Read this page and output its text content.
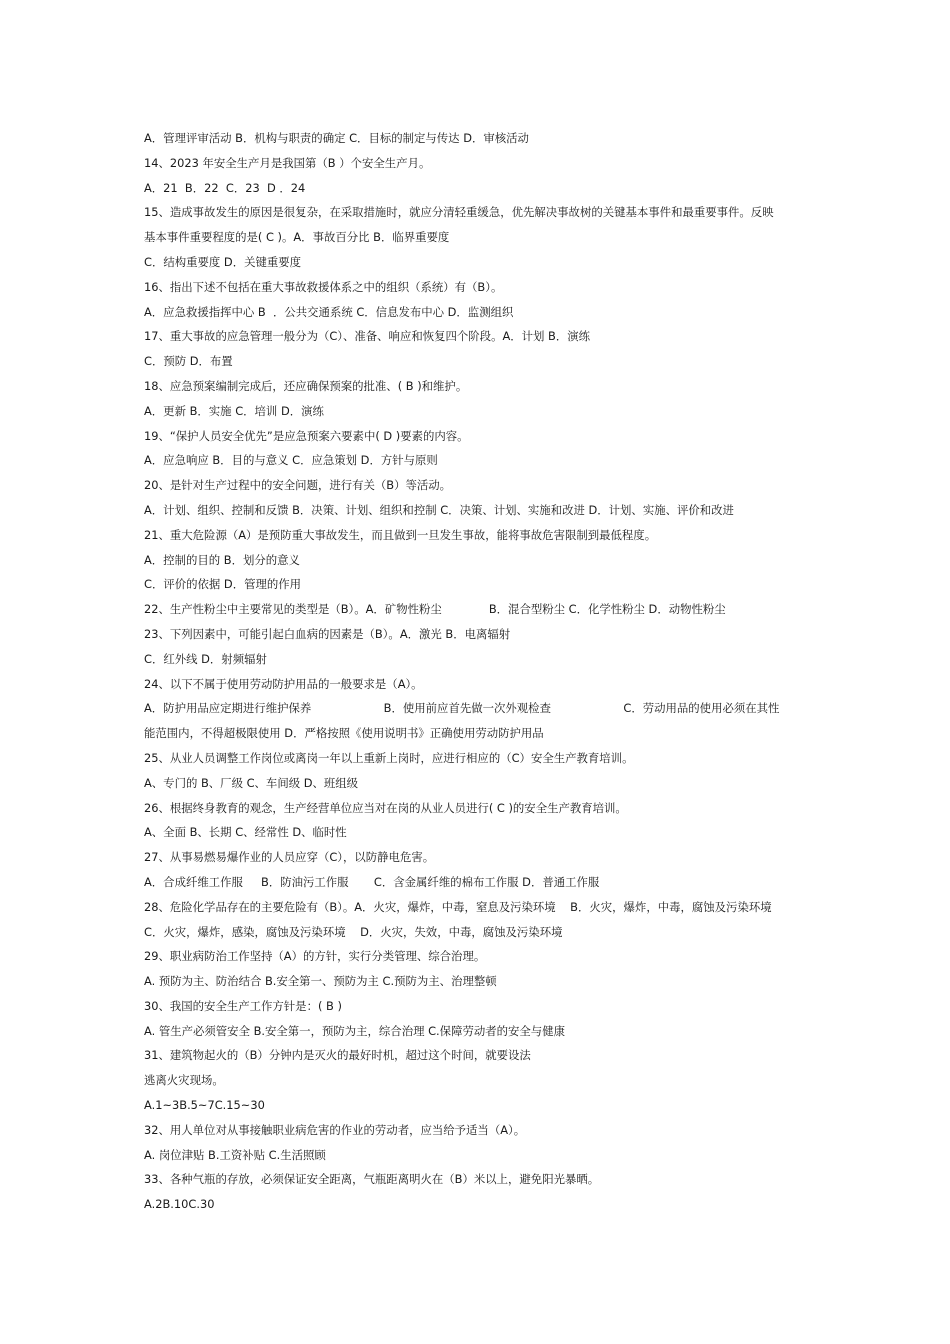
A．管理评审活动 B．机构与职责的确定 C．目标的制定与传达 D．审核活动
14、2023 年安全生产月是我国第（B ）个安全生产月。
A．21  B．22  C．23  D ．24
15、造成事故发生的原因是很复杂，在采取措施时，就应分清轻重缓急，优先解决事故树的关键基本事件和最重要事件。反映
基本事件重要程度的是( C )。A．事故百分比 B．临界重要度
C．结构重要度 D．关键重要度
16、指出下述不包括在重大事故救援体系之中的组织（系统）有（B）。
A．应急救援指挥中心 B  ．公共交通系统 C．信息发布中心 D．监测组织
17、重大事故的应急管理一般分为（C）、准备、响应和恢复四个阶段。A．计划 B．演练
C．预防 D．布置
18、应急预案编制完成后，还应确保预案的批准、( B )和维护。
A．更新 B．实施 C．培训 D．演练
19、“保护人员安全优先”是应急预案六要素中( D )要素的内容。
A．应急响应 B．目的与意义 C．应急策划 D．方针与原则
20、是针对生产过程中的安全问题，进行有关（B）等活动。
A．计划、组织、控制和反馈 B．决策、计划、组织和控制 C．决策、计划、实施和改进 D．计划、实施、评价和改进
21、重大危险源（A）是预防重大事故发生，而且做到一旦发生事故，能将事故危害限制到最低程度。
A．控制的目的 B．划分的意义
C．评价的依据 D．管理的作用
22、生产性粉尘中主要常见的类型是（B）。A．矿物性粉尘             B．混合型粉尘 C．化学性粉尘 D．动物性粉尘
23、下列因素中，可能引起白血病的因素是（B）。A．激光 B．电离辐射
C．红外线 D．射频辐射
24、以下不属于使用劳动防护用品的一般要求是（A）。
A．防护用品应定期进行维护保养                    B．使用前应首先做一次外观检查                    C．劳动用品的使用必须在其性
能范围内，不得超极限使用 D．严格按照《使用说明书》正确使用劳动防护用品
25、从业人员调整工作岗位或离岗一年以上重新上岗时，应进行相应的（C）安全生产教育培训。
A、专门的 B、厂级 C、车间级 D、班组级
26、根据终身教育的观念，生产经营单位应当对在岗的从业人员进行( C )的安全生产教育培训。
A、全面 B、长期 C、经常性 D、临时性
27、从事易燃易爆作业的人员应穿（C），以防静电危害。
A．合成纤维工作服     B．防油污工作服       C．含金属纤维的棉布工作服 D．普通工作服
28、危险化学品存在的主要危险有（B）。A．火灾，爆炸，中毒，窒息及污染环境    B．火灾，爆炸，中毒，腐蚀及污染环境
C．火灾，爆炸，感染，腐蚀及污染环境    D．火灾，失效，中毒，腐蚀及污染环境
29、职业病防治工作坚持（A）的方针，实行分类管理、综合治理。
A. 预防为主、防治结合 B.安全第一、预防为主 C.预防为主、治理整顿
30、我国的安全生产工作方针是：( B )
A. 管生产必须管安全 B.安全第一，预防为主，综合治理 C.保障劳动者的安全与健康
31、建筑物起火的（B）分钟内是灭火的最好时机，超过这个时间，就要设法
逃离火灾现场。
A.1~3B.5~7C.15~30
32、用人单位对从事接触职业病危害的作业的劳动者，应当给予适当（A）。
A. 岗位津贴 B.工资补贴 C.生活照顾
33、各种气瓶的存放，必须保证安全距离，气瓶距离明火在（B）米以上，避免阳光暴晒。
A.2B.10C.30
